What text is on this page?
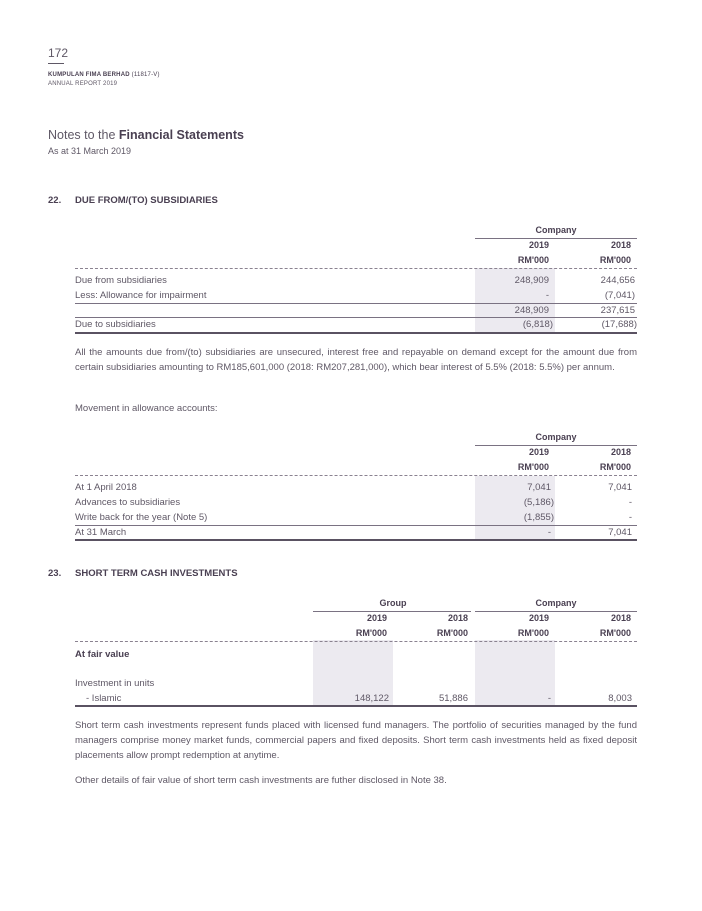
172
KUMPULAN FIMA BERHAD (11817-V)
ANNUAL REPORT 2019
Notes to the Financial Statements
As at 31 March 2019
22. DUE FROM/(TO) SUBSIDIARIES
Company
2019	2018
RM'000	RM'000
Due from subsidiaries	248,909	244,656
Less: Allowance for impairment	-	(7,041)
248,909	237,615
Due to subsidiaries	(6,818)	(17,688)
All the amounts due from/(to) subsidiaries are unsecured, interest free and repayable on demand except for the amount due from certain subsidiaries amounting to RM185,601,000 (2018: RM207,281,000), which bear interest of 5.5% (2018: 5.5%) per annum.
Movement in allowance accounts:
Company
2019	2018
RM'000	RM'000
At 1 April 2018	7,041	7,041
Advances to subsidiaries	(5,186)	-
Write back for the year (Note 5)	(1,855)	-
At 31 March	-	7,041
23. SHORT TERM CASH INVESTMENTS
Group	Company
2019	2018	2019	2018
RM'000	RM'000	RM'000	RM'000
At fair value
Investment in units
- Islamic	148,122	51,886	-	8,003
Short term cash investments represent funds placed with licensed fund managers. The portfolio of securities managed by the fund managers comprise money market funds, commercial papers and fixed deposits. Short term cash investments held as fixed deposit placements allow prompt redemption at anytime.
Other details of fair value of short term cash investments are futher disclosed in Note 38.
